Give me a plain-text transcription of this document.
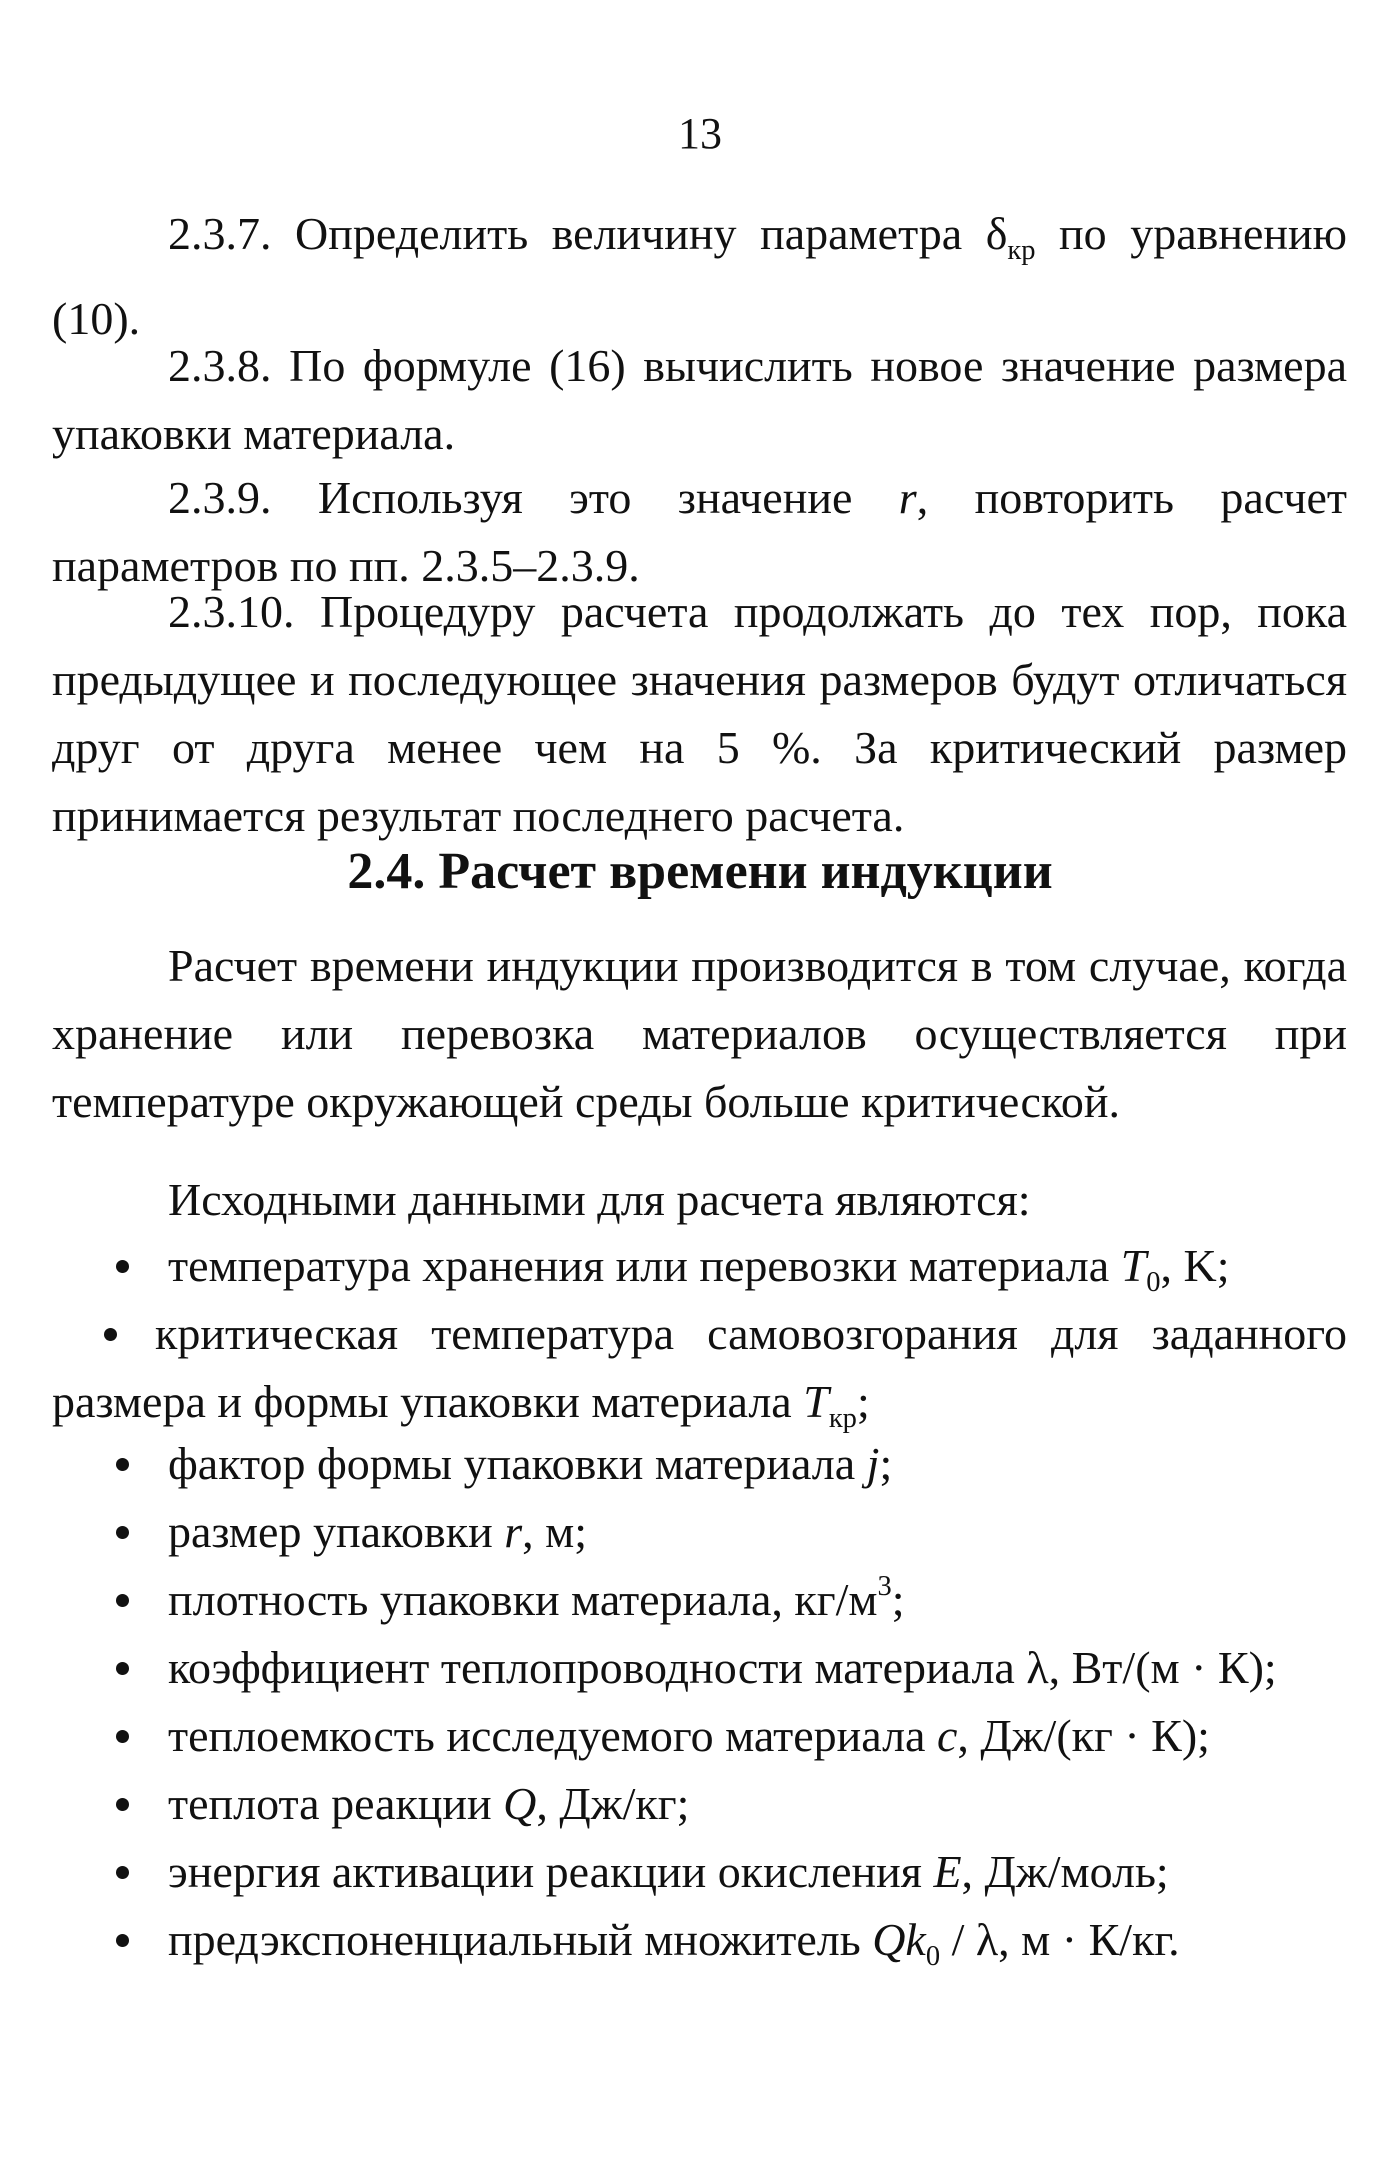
13
2.3.7. Определить величину параметра $\delta_{кр}$ по уравнению (10).
2.3.8. По формуле (16) вычислить новое значение размера упаковки материала.
2.3.9. Используя это значение r, повторить расчет параметров по пп. 2.3.5–2.3.9.
2.3.10. Процедуру расчета продолжать до тех пор, пока предыдущее и последующее значения размеров будут отличаться друг от друга менее чем на 5 %. За критический размер принимается результат последнего расчета.
2.4. Расчет времени индукции
Расчет времени индукции производится в том случае, когда хранение или перевозка материалов осуществляется при температуре окружающей среды больше критической.
Исходными данными для расчета являются:
температура хранения или перевозки материала $T_0$, K;
критическая температура самовозгорания для заданного размера и формы упаковки материала $T_{кр}$;
фактор формы упаковки материала j;
размер упаковки r, м;
плотность упаковки материала, $кг/м^3$;
коэффициент теплопроводности материала λ, Вт/(м · К);
теплоемкость исследуемого материала c, Дж/(кг · К);
теплота реакции Q, Дж/кг;
энергия активации реакции окисления E, Дж/моль;
предэкспоненциальный множитель $Qk_0$ / λ, м · К/кг.
